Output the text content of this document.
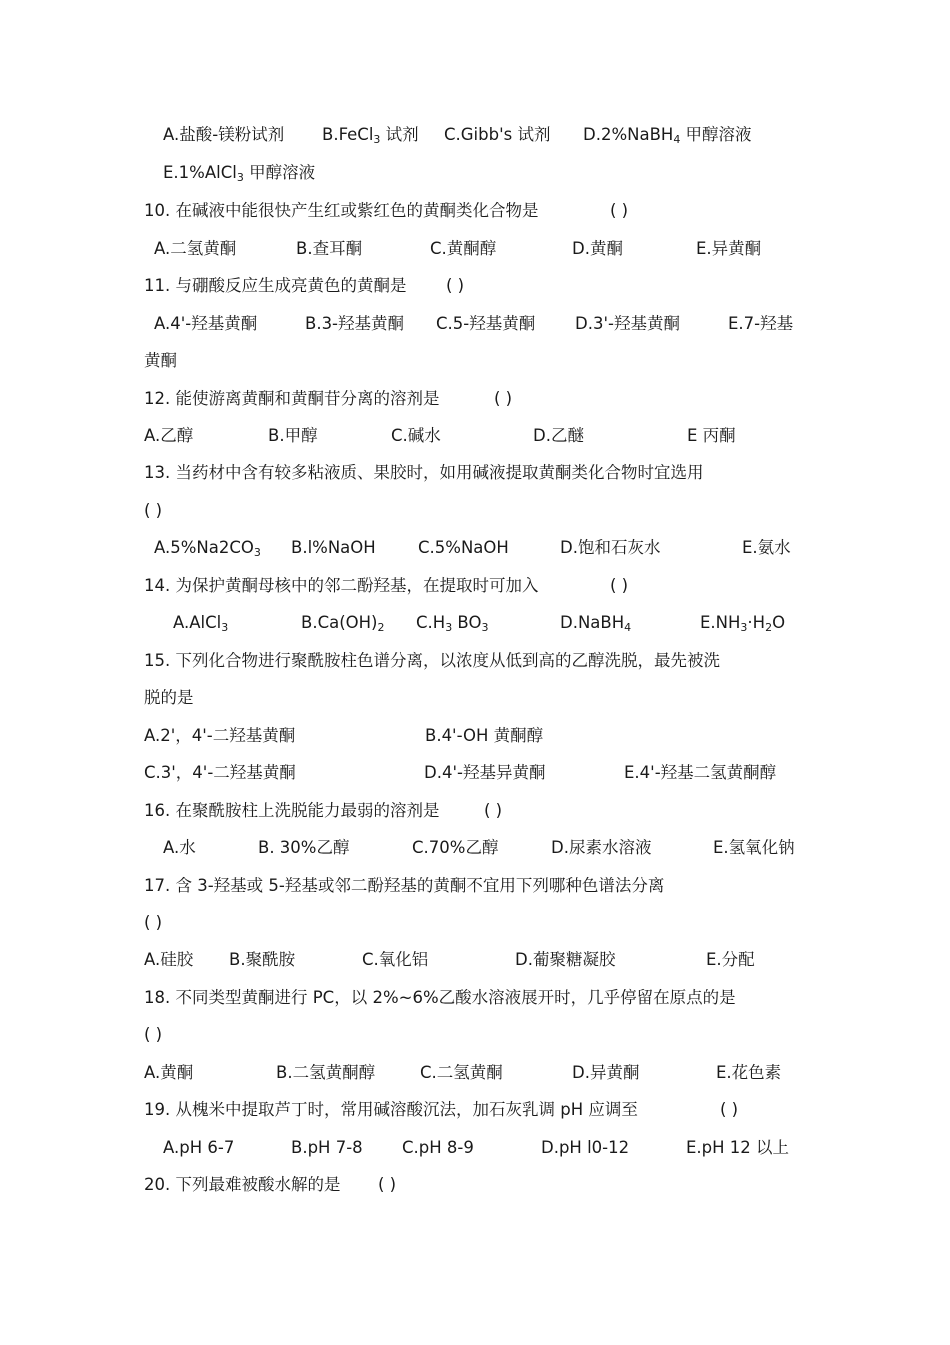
A.盐酸-镁粉试剂 B.FeCl$_3$ 试剂 C.Gibb's 试剂 D.2%NaBH$_4$ 甲醇溶液
E.1%AlCl$_3$ 甲醇溶液
10. 在碱液中能很快产生红或紫红色的黄酮类化合物是	( )
A.二氢黄酮	B.查耳酮	C.黄酮醇	D.黄酮	E.异黄酮
11. 与硼酸反应生成亮黄色的黄酮是 ( )
A.4'-羟基黄酮	B.3-羟基黄酮 C.5-羟基黄酮 D.3'-羟基黄酮	E.7-羟基
黄酮
12. 能使游离黄酮和黄酮苷分离的溶剂是	( )
A.乙醇	B.甲醇	C.碱水	D.乙醚	E 丙酮
13. 当药材中含有较多粘液质、果胶时，如用碱液提取黄酮类化合物时宜选用
( )
$A.5\%Na2CO_3$ B.l%NaOH	C.5%NaOH	D.饱和石灰水	E.氨水
14. 为保护黄酮母核中的邻二酚羟基，在提取时可加入	( )
A.AlCl$_3$	$B.Ca(OH)_2$ $C.H_3$ $BO_3$	D.NaBH$_4$	$E.NH_3\cdot H_2O$
15. 下列化合物进行聚酰胺柱色谱分离，以浓度从低到高的乙醇洗脱，最先被洗
脱的是
A.2'，4'-二羟基黄酮	B.4'-OH 黄酮醇
C.3'，4'-二羟基黄酮	D.4'-羟基异黄酮	E.4'-羟基二氢黄酮醇
16. 在聚酰胺柱上洗脱能力最弱的溶剂是	( )
A.水	B. 30%乙醇	C.70%乙醇	D.尿素水溶液	E.氢氧化钠
17. 含 3-羟基或 5-羟基或邻二酚羟基的黄酮不宜用下列哪种色谱法分离
( )
A.硅胶 B.聚酰胺	C.氧化铝	D.葡聚糖凝胶	E.分配
18. 不同类型黄酮进行 PC，以 2%~6%乙酸水溶液展开时，几乎停留在原点的是
( )
A.黄酮	B.二氢黄酮醇	C.二氢黄酮	D.异黄酮	E.花色素
19. 从槐米中提取芦丁时，常用碱溶酸沉法，加石灰乳调 pH 应调至	( )
A.pH 6-7	B.pH 7-8 C.pH 8-9	D.pH l0-12	E.pH 12 以上
20. 下列最难被酸水解的是 ( )
